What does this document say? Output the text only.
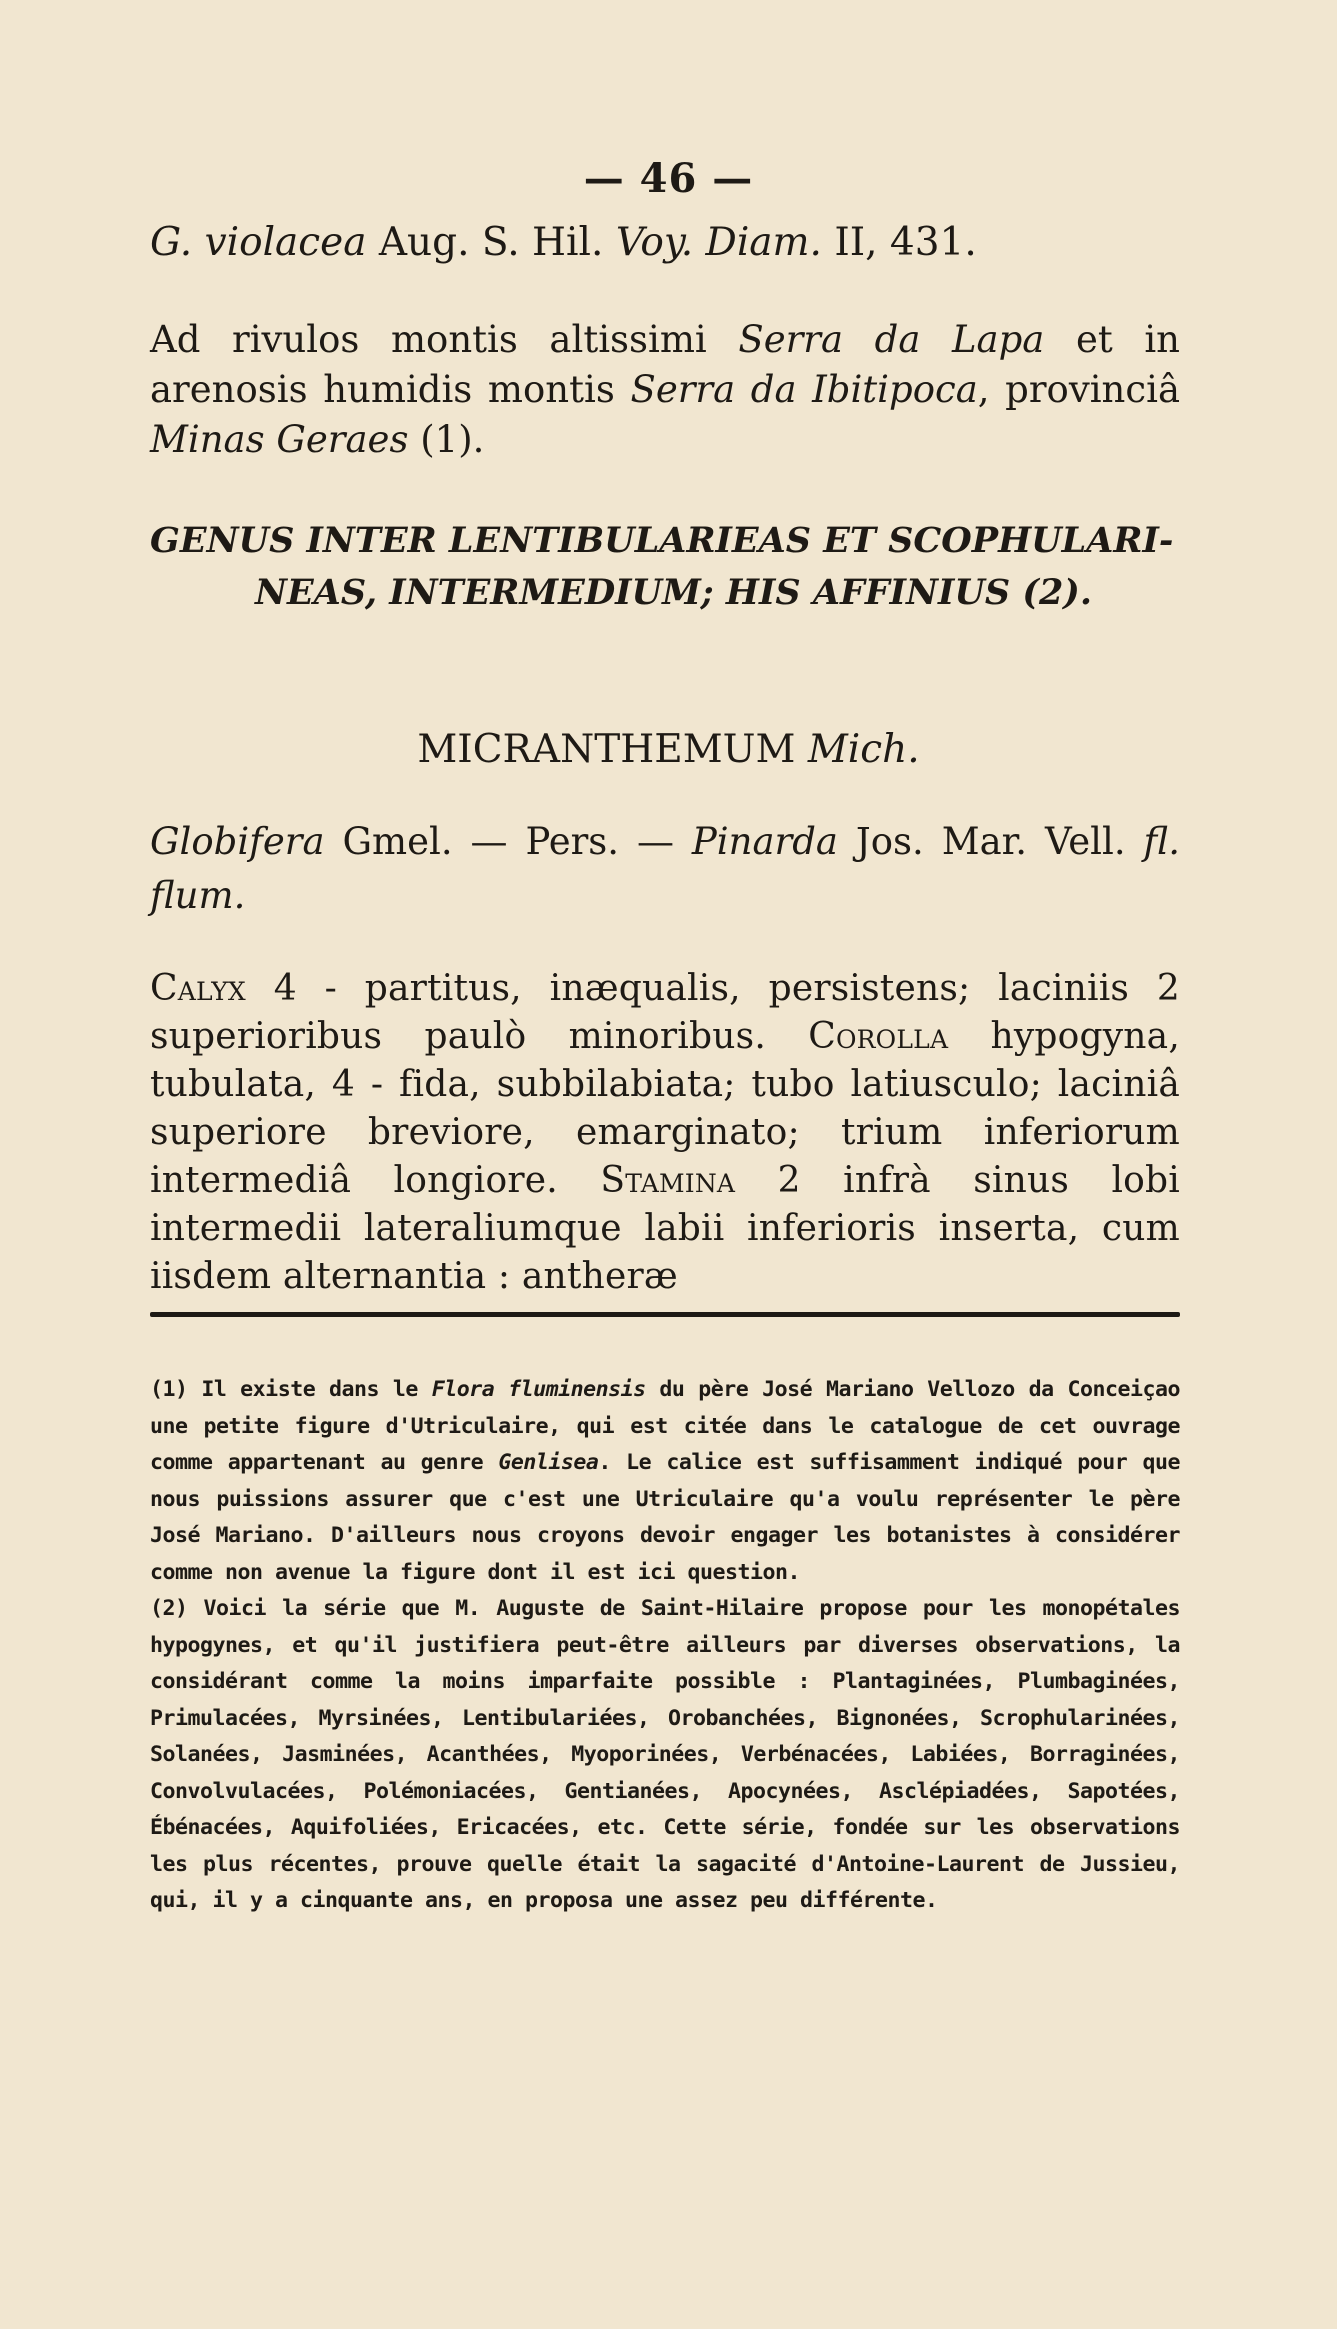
— 46 —
G. violacea Aug. S. Hil. Voy. Diam. II, 431.
Ad rivulos montis altissimi Serra da Lapa et in arenosis humidis montis Serra da Ibitipoca, provinciâ Minas Geraes (1).
GENUS INTER LENTIBULARIEAS ET SCOPHULARI-
NEAS, INTERMEDIUM; HIS AFFINIUS (2).
MICRANTHEMUM Mich.
Globifera Gmel. — Pers. — Pinarda Jos. Mar. Vell. fl. flum.
Calyx 4 - partitus, inæqualis, persistens; laciniis 2 superioribus paulò minoribus. Corolla hypogyna, tubulata, 4 - fida, subbilabiata; tubo latiusculo; laciniâ superiore breviore, emarginato; trium inferiorum intermediâ longiore. Stamina 2 infrà sinus lobi intermedii lateraliumque labii inferioris inserta, cum iisdem alternantia : antheræ

(1) Il existe dans le Flora fluminensis du père José Mariano Vellozo da Conceiçao une petite figure d'Utriculaire, qui est citée dans le catalogue de cet ouvrage comme appartenant au genre Genlisea. Le calice est suffisamment indiqué pour que nous puissions assurer que c'est une Utriculaire qu'a voulu représenter le père José Mariano. D'ailleurs nous croyons devoir engager les botanistes à considérer comme non avenue la figure dont il est ici question.

(2) Voici la série que M. Auguste de Saint-Hilaire propose pour les monopétales hypogynes, et qu'il justifiera peut-être ailleurs par diverses observations, la considérant comme la moins imparfaite possible : Plantaginées, Plumbaginées, Primulacées, Myrsinées, Lentibulariées, Orobanchées, Bignonées, Scrophularinées, Solanées, Jasminées, Acanthées, Myoporinées, Verbénacées, Labiées, Borraginées, Convolvulacées, Polémoniacées, Gentianées, Apocynées, Asclépiadées, Sapotées, Ébénacées, Aquifoliées, Ericacées, etc. Cette série, fondée sur les observations les plus récentes, prouve quelle était la sagacité d'Antoine-Laurent de Jussieu, qui, il y a cinquante ans, en proposa une assez peu différente.
